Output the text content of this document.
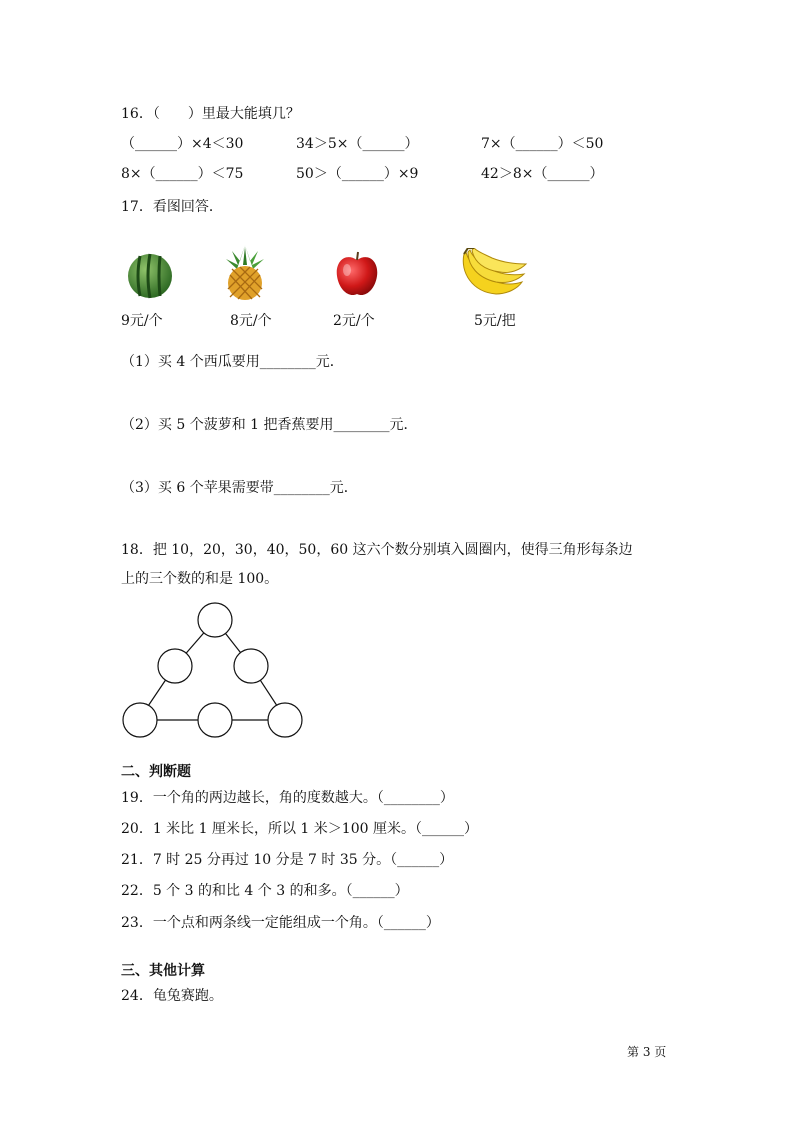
16．（　　）里最大能填几？
（______）×4＜30	34＞5×（______）	7×（______）＜50
8×（______）＜75	50＞（______）×9	42＞8×（______）
17．看图回答．
9元/个	8元/个	2元/个	5元/把
（1）买 4 个西瓜要用________元．
（2）买 5 个菠萝和 1 把香蕉要用________元．
（3）买 6 个苹果需要带________元．
18．把 10，20，30，40，50，60 这六个数分别填入圆圈内，使得三角形每条边
上的三个数的和是 100。
二、判断题
19．一个角的两边越长，角的度数越大。（________）
20．1 米比 1 厘米长，所以 1 米＞100 厘米。（______）
21．7 时 25 分再过 10 分是 7 时 35 分。（______）
22．5 个 3 的和比 4 个 3 的和多。（______）
23．一个点和两条线一定能组成一个角。（______）
三、其他计算
24．龟兔赛跑。
第 3 页
